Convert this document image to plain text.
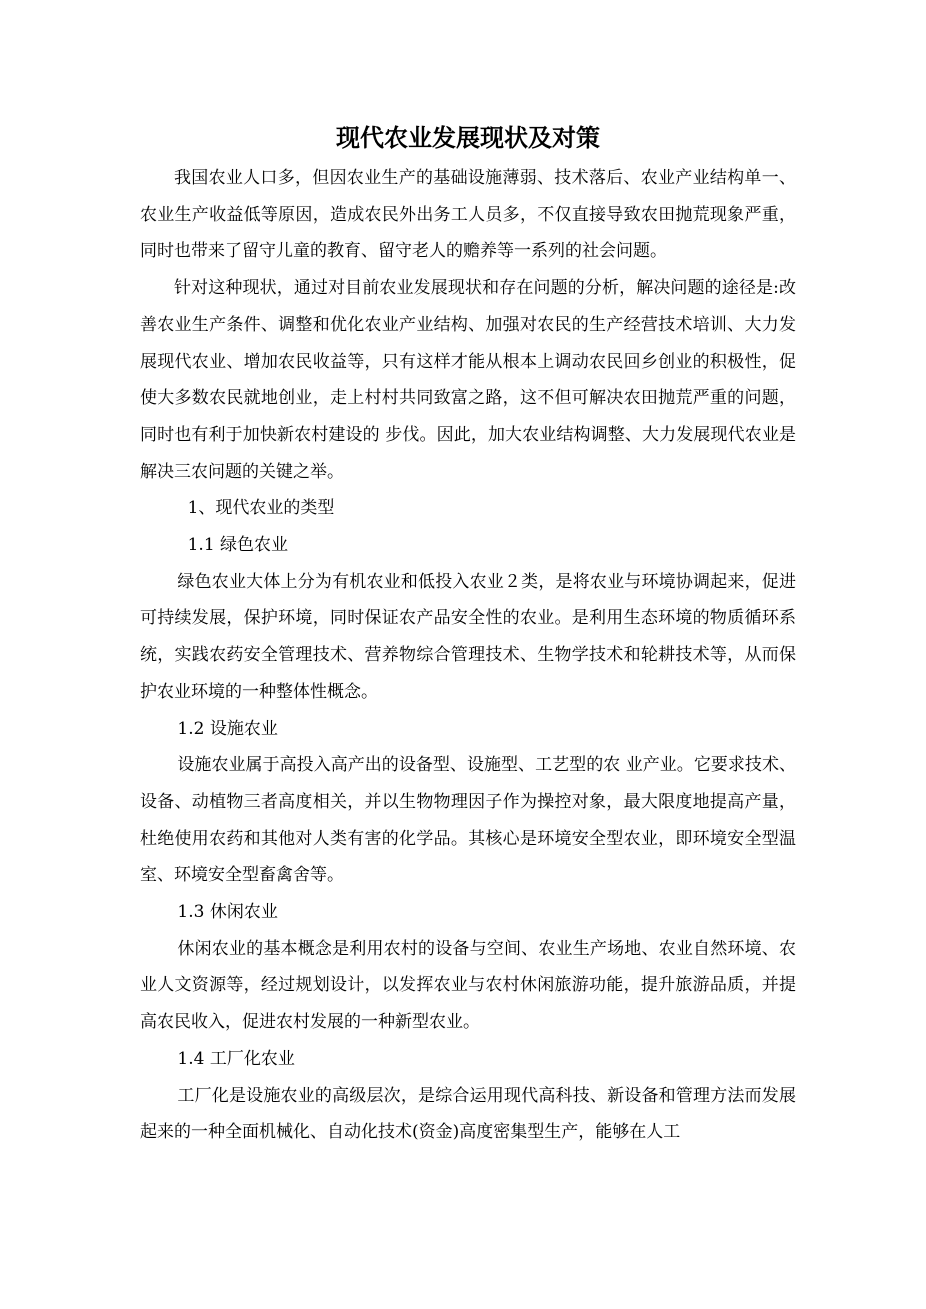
现代农业发展现状及对策

我国农业人口多，但因农业生产的基础设施薄弱、技术落后、农业产业结构单一、农业生产收益低等原因，造成农民外出务工人员多，不仅直接导致农田抛荒现象严重，同时也带来了留守儿童的教育、留守老人的赡养等一系列的社会问题。

针对这种现状，通过对目前农业发展现状和存在问题的分析，解决问题的途径是:改善农业生产条件、调整和优化农业产业结构、加强对农民的生产经营技术培训、大力发展现代农业、增加农民收益等，只有这样才能从根本上调动农民回乡创业的积极性，促使大多数农民就地创业，走上村村共同致富之路，这不但可解决农田抛荒严重的问题，同时也有利于加快新农村建设的 步伐。因此，加大农业结构调整、大力发展现代农业是解决三农问题的关键之举。

1、现代农业的类型

1.1 绿色农业

绿色农业大体上分为有机农业和低投入农业２类，是将农业与环境协调起来，促进可持续发展，保护环境，同时保证农产品安全性的农业。是利用生态环境的物质循环系统，实践农药安全管理技术、营养物综合管理技术、生物学技术和轮耕技术等，从而保护农业环境的一种整体性概念。

1.2 设施农业

设施农业属于高投入高产出的设备型、设施型、工艺型的农 业产业。它要求技术、设备、动植物三者高度相关，并以生物物理因子作为操控对象，最大限度地提高产量，杜绝使用农药和其他对人类有害的化学品。其核心是环境安全型农业，即环境安全型温室、环境安全型畜禽舍等。

1.3 休闲农业

休闲农业的基本概念是利用农村的设备与空间、农业生产场地、农业自然环境、农业人文资源等，经过规划设计，以发挥农业与农村休闲旅游功能，提升旅游品质，并提高农民收入，促进农村发展的一种新型农业。

1.4 工厂化农业

工厂化是设施农业的高级层次，是综合运用现代高科技、新设备和管理方法而发展起来的一种全面机械化、自动化技术(资金)高度密集型生产，能够在人工
